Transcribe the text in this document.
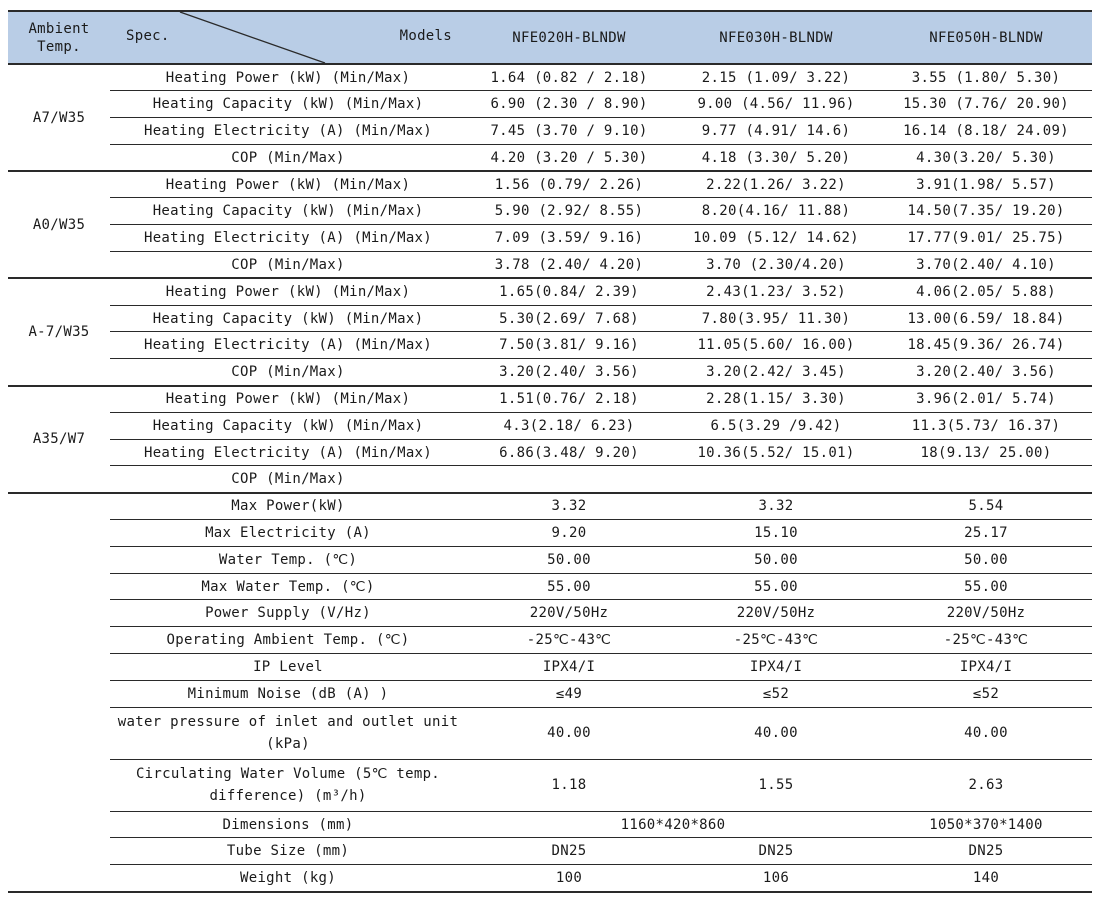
Ambient Temp.	Spec. Models	NFE020H-BLNDW	NFE030H-BLNDW	NFE050H-BLNDW
A7/W35	Heating Power (kW) (Min/Max)	1.64 (0.82 / 2.18)	2.15 (1.09/ 3.22)	3.55 (1.80/ 5.30)
	Heating Capacity (kW) (Min/Max)	6.90 (2.30 / 8.90)	9.00 (4.56/ 11.96)	15.30 (7.76/ 20.90)
	Heating Electricity (A) (Min/Max)	7.45 (3.70 / 9.10)	9.77 (4.91/ 14.6)	16.14 (8.18/ 24.09)
	COP (Min/Max)	4.20 (3.20 / 5.30)	4.18 (3.30/ 5.20)	4.30(3.20/ 5.30)
A0/W35	Heating Power (kW) (Min/Max)	1.56 (0.79/ 2.26)	2.22(1.26/ 3.22)	3.91(1.98/ 5.57)
	Heating Capacity (kW) (Min/Max)	5.90 (2.92/ 8.55)	8.20(4.16/ 11.88)	14.50(7.35/ 19.20)
	Heating Electricity (A) (Min/Max)	7.09 (3.59/ 9.16)	10.09 (5.12/ 14.62)	17.77(9.01/ 25.75)
	COP (Min/Max)	3.78 (2.40/ 4.20)	3.70 (2.30/4.20)	3.70(2.40/ 4.10)
A-7/W35	Heating Power (kW) (Min/Max)	1.65(0.84/ 2.39)	2.43(1.23/ 3.52)	4.06(2.05/ 5.88)
	Heating Capacity (kW) (Min/Max)	5.30(2.69/ 7.68)	7.80(3.95/ 11.30)	13.00(6.59/ 18.84)
	Heating Electricity (A) (Min/Max)	7.50(3.81/ 9.16)	11.05(5.60/ 16.00)	18.45(9.36/ 26.74)
	COP (Min/Max)	3.20(2.40/ 3.56)	3.20(2.42/ 3.45)	3.20(2.40/ 3.56)
A35/W7	Heating Power (kW) (Min/Max)	1.51(0.76/ 2.18)	2.28(1.15/ 3.30)	3.96(2.01/ 5.74)
	Heating Capacity (kW) (Min/Max)	4.3(2.18/ 6.23)	6.5(3.29 /9.42)	11.3(5.73/ 16.37)
	Heating Electricity (A) (Min/Max)	6.86(3.48/ 9.20)	10.36(5.52/ 15.01)	18(9.13/ 25.00)
	COP (Min/Max)			
	Max Power(kW)	3.32	3.32	5.54
	Max Electricity (A)	9.20	15.10	25.17
	Water Temp. (℃)	50.00	50.00	50.00
	Max Water Temp. (℃)	55.00	55.00	55.00
	Power Supply (V/Hz)	220V/50Hz	220V/50Hz	220V/50Hz
	Operating Ambient Temp. (℃)	-25℃-43℃	-25℃-43℃	-25℃-43℃
	IP Level	IPX4/I	IPX4/I	IPX4/I
	Minimum Noise (dB (A) )	≤49	≤52	≤52
	water pressure of inlet and outlet unit (kPa)	40.00	40.00	40.00
	Circulating Water Volume (5℃ temp. difference) (m³/h)	1.18	1.55	2.63
	Dimensions (mm)	1160*420*860		1050*370*1400
	Tube Size (mm)	DN25	DN25	DN25
	Weight (kg)	100	106	140
